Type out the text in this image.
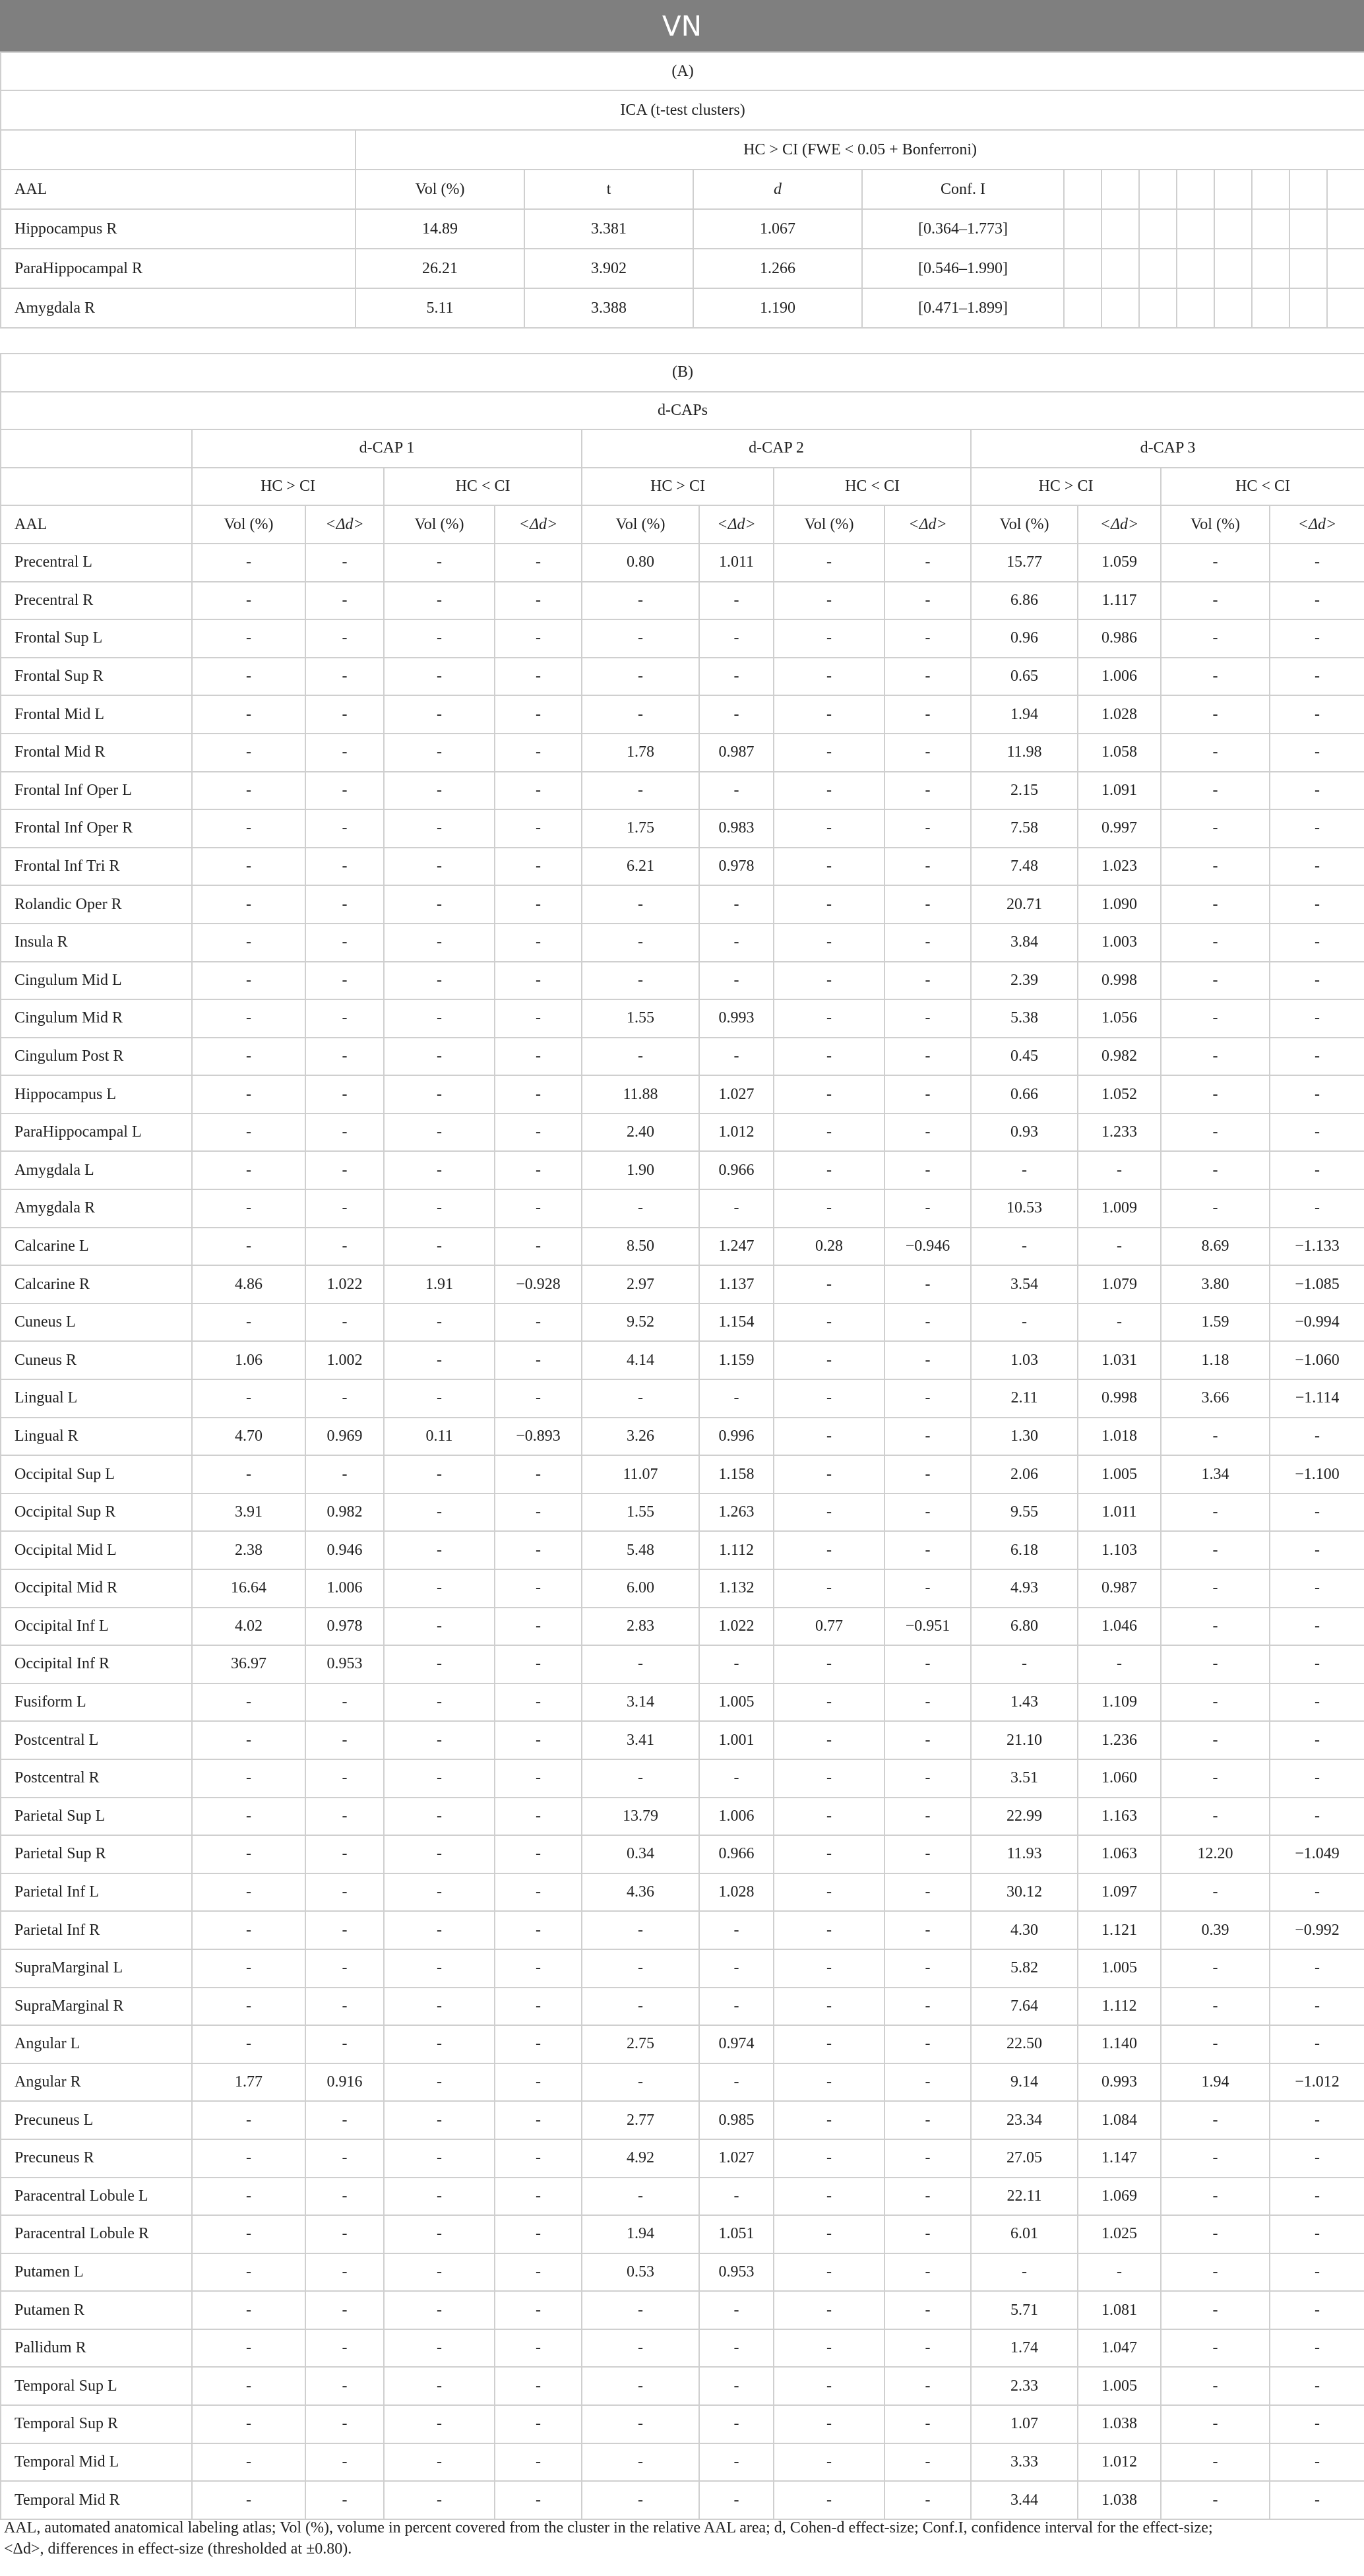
VN
(A)												
ICA (t-test clusters)												
	HC > CI (FWE < 0.05 + Bonferroni)											
AAL	Vol (%)	t	d	Conf. I								
Hippocampus R	14.89	3.381	1.067	[0.364–1.773]								
ParaHippocampal R	26.21	3.902	1.266	[0.546–1.990]								
Amygdala R	5.11	3.388	1.190	[0.471–1.899]								
(B)												
d-CAPs												
	d-CAP 1				d-CAP 2				d-CAP 3			
	HC > CI		HC < CI		HC > CI		HC < CI		HC > CI		HC < CI	
AAL	Vol (%)	<Δd>	Vol (%)	<Δd>	Vol (%)	<Δd>	Vol (%)	<Δd>	Vol (%)	<Δd>	Vol (%)	<Δd>
Precentral L	-	-	-	-	0.80	1.011	-	-	15.77	1.059	-	-
Precentral R	-	-	-	-	-	-	-	-	6.86	1.117	-	-
Frontal Sup L	-	-	-	-	-	-	-	-	0.96	0.986	-	-
Frontal Sup R	-	-	-	-	-	-	-	-	0.65	1.006	-	-
Frontal Mid L	-	-	-	-	-	-	-	-	1.94	1.028	-	-
Frontal Mid R	-	-	-	-	1.78	0.987	-	-	11.98	1.058	-	-
Frontal Inf Oper L	-	-	-	-	-	-	-	-	2.15	1.091	-	-
Frontal Inf Oper R	-	-	-	-	1.75	0.983	-	-	7.58	0.997	-	-
Frontal Inf Tri R	-	-	-	-	6.21	0.978	-	-	7.48	1.023	-	-
Rolandic Oper R	-	-	-	-	-	-	-	-	20.71	1.090	-	-
Insula R	-	-	-	-	-	-	-	-	3.84	1.003	-	-
Cingulum Mid L	-	-	-	-	-	-	-	-	2.39	0.998	-	-
Cingulum Mid R	-	-	-	-	1.55	0.993	-	-	5.38	1.056	-	-
Cingulum Post R	-	-	-	-	-	-	-	-	0.45	0.982	-	-
Hippocampus L	-	-	-	-	11.88	1.027	-	-	0.66	1.052	-	-
ParaHippocampal L	-	-	-	-	2.40	1.012	-	-	0.93	1.233	-	-
Amygdala L	-	-	-	-	1.90	0.966	-	-	-	-	-	-
Amygdala R	-	-	-	-	-	-	-	-	10.53	1.009	-	-
Calcarine L	-	-	-	-	8.50	1.247	0.28	−0.946	-	-	8.69	−1.133
Calcarine R	4.86	1.022	1.91	−0.928	2.97	1.137	-	-	3.54	1.079	3.80	−1.085
Cuneus L	-	-	-	-	9.52	1.154	-	-	-	-	1.59	−0.994
Cuneus R	1.06	1.002	-	-	4.14	1.159	-	-	1.03	1.031	1.18	−1.060
Lingual L	-	-	-	-	-	-	-	-	2.11	0.998	3.66	−1.114
Lingual R	4.70	0.969	0.11	−0.893	3.26	0.996	-	-	1.30	1.018	-	-
Occipital Sup L	-	-	-	-	11.07	1.158	-	-	2.06	1.005	1.34	−1.100
Occipital Sup R	3.91	0.982	-	-	1.55	1.263	-	-	9.55	1.011	-	-
Occipital Mid L	2.38	0.946	-	-	5.48	1.112	-	-	6.18	1.103	-	-
Occipital Mid R	16.64	1.006	-	-	6.00	1.132	-	-	4.93	0.987	-	-
Occipital Inf L	4.02	0.978	-	-	2.83	1.022	0.77	−0.951	6.80	1.046	-	-
Occipital Inf R	36.97	0.953	-	-	-	-	-	-	-	-	-	-
Fusiform L	-	-	-	-	3.14	1.005	-	-	1.43	1.109	-	-
Postcentral L	-	-	-	-	3.41	1.001	-	-	21.10	1.236	-	-
Postcentral R	-	-	-	-	-	-	-	-	3.51	1.060	-	-
Parietal Sup L	-	-	-	-	13.79	1.006	-	-	22.99	1.163	-	-
Parietal Sup R	-	-	-	-	0.34	0.966	-	-	11.93	1.063	12.20	−1.049
Parietal Inf L	-	-	-	-	4.36	1.028	-	-	30.12	1.097	-	-
Parietal Inf R	-	-	-	-	-	-	-	-	4.30	1.121	0.39	−0.992
SupraMarginal L	-	-	-	-	-	-	-	-	5.82	1.005	-	-
SupraMarginal R	-	-	-	-	-	-	-	-	7.64	1.112	-	-
Angular L	-	-	-	-	2.75	0.974	-	-	22.50	1.140	-	-
Angular R	1.77	0.916	-	-	-	-	-	-	9.14	0.993	1.94	−1.012
Precuneus L	-	-	-	-	2.77	0.985	-	-	23.34	1.084	-	-
Precuneus R	-	-	-	-	4.92	1.027	-	-	27.05	1.147	-	-
Paracentral Lobule L	-	-	-	-	-	-	-	-	22.11	1.069	-	-
Paracentral Lobule R	-	-	-	-	1.94	1.051	-	-	6.01	1.025	-	-
Putamen L	-	-	-	-	0.53	0.953	-	-	-	-	-	-
Putamen R	-	-	-	-	-	-	-	-	5.71	1.081	-	-
Pallidum R	-	-	-	-	-	-	-	-	1.74	1.047	-	-
Temporal Sup L	-	-	-	-	-	-	-	-	2.33	1.005	-	-
Temporal Sup R	-	-	-	-	-	-	-	-	1.07	1.038	-	-
Temporal Mid L	-	-	-	-	-	-	-	-	3.33	1.012	-	-
Temporal Mid R	-	-	-	-	-	-	-	-	3.44	1.038	-	-
AAL, automated anatomical labeling atlas; Vol (%), volume in percent covered from the cluster in the relative AAL area; d, Cohen-d effect-size; Conf.I, confidence interval for the effect-size;
<Δd>, differences in effect-size (thresholded at ±0.80).
